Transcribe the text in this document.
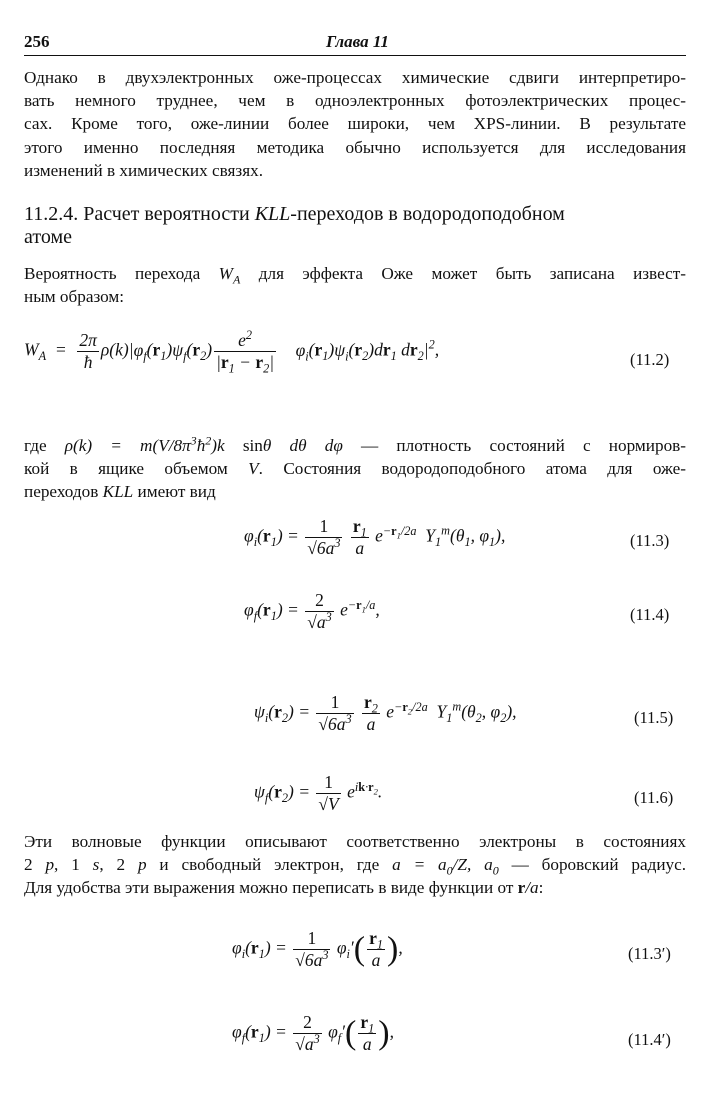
256	Глава 11
Однако в двухэлектронных оже-процессах химические сдвиги интерпретиро-
вать немного труднее, чем в одноэлектронных фотоэлектрических процес-
сах. Кроме того, оже-линии более широки, чем XPS-линии. В результате
этого именно последняя методика обычно используется для исследования
изменений в химических связях.
11.2.4. Расчет вероятности KLL-переходов в водородоподобном
атоме
Вероятность перехода $W_A$ для эффекта Оже может быть записана извест-
ным образом:
$W_A = \frac{2\pi}{ħ} \rho(k)|\varphi_f(r_1)\psi_f(r_2) \frac{e^2}{|r_1 - r_2|} \varphi_i(r_1)\psi_i(r_2)dr_1$ $dr_2|^2$,	(11.2)
где $\rho(k) = m(V/8\pi^3ħ^2)k$ sinθ dθ dφ — плотность состояний с нормиров-
кой в ящике объемом V. Состояния водородоподобного атома для оже-
переходов KLL имеют вид
$\varphi_i(r_1) = \frac{1}{√6a^3}$
$\frac{r_1}{a} e^{-r_1/2a}$  $Y_1^m(\theta_1$, $\varphi_1$),	(11.3)
$\varphi_f(r_1) = \frac{2}{√a^3} e^{-r_1/a}$,	(11.4)
$\psi_i(r_2) = \frac{1}{√6a^3}$
$\frac{r_2}{a} e^{-r_2/2a}$  $Y_1^m(\theta_2$, $\varphi_2$),	(11.5)
$\psi_f(r_2) = \frac{1}{√V} e^{ik\cdot r_2}$.	(11.6)
Эти волновые функции описывают соответственно электроны в состояниях
2 p, 1 s, 2 p и свободный электрон, где $a = a_0/Z$, $a_0$ — боровский радиус.
Для удобства эти выражения можно переписать в виде функции от r/a:
$\varphi_i(r_1) = \frac{1}{√6a^3} \varphi_i'( \frac{r_1}{a}$ ),	(11.3′)
$\varphi_f(r_1) = \frac{2}{√a^3} \varphi_f'( \frac{r_1}{a}$ ),	(11.4′)
